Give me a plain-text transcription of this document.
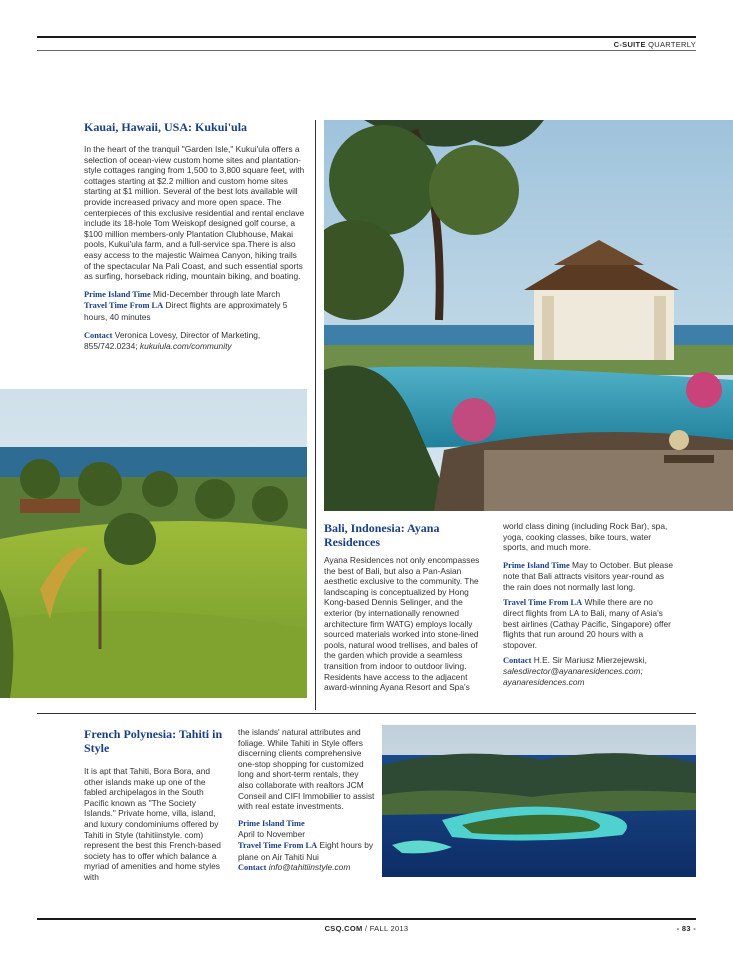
C-SUITE QUARTERLY
Kauai, Hawaii, USA: Kukui'ula

In the heart of the tranquil "Garden Isle," Kukui'ula offers a selection of ocean-view custom home sites and plantation-style cottages ranging from 1,500 to 3,800 square feet, with cottages starting at $2.2 million and custom home sites starting at $1 million. Several of the best lots available will provide increased privacy and more open space. The centerpieces of this exclusive residential and rental enclave include its 18-hole Tom Weiskopf designed golf course, a $100 million members-only Plantation Clubhouse, Makai pools, Kukui'ula farm, and a full-service spa.There is also easy access to the majestic Waimea Canyon, hiking trails of the spectacular Na Pali Coast, and such essential sports as surfing, horseback riding, mountain biking, and boating.

Prime Island Time Mid-December through late March
Travel Time From LA Direct flights are approximately 5 hours, 40 minutes
Contact Veronica Lovesy, Director of Marketing, 855/742.0234; kukuiula.com/community
Bali, Indonesia: Ayana Residences

Ayana Residences not only encompasses the best of Bali, but also a Pan-Asian aesthetic exclusive to the community. The landscaping is conceptualized by Hong Kong-based Dennis Selinger, and the exterior (by internationally renowned architecture firm WATG) employs locally sourced materials worked into stone-lined pools, natural wood trellises, and bales of the garden which provide a seamless transition from indoor to outdoor living. Residents have access to the adjacent award-winning Ayana Resort and Spa's

world class dining (including Rock Bar), spa, yoga, cooking classes, bike tours, water sports, and much more.

Prime Island Time May to October. But please note that Bali attracts visitors year-round as the rain does not normally last long.
Travel Time From LA While there are no direct flights from LA to Bali, many of Asia's best airlines (Cathay Pacific, Singapore) offer flights that run around 20 hours with a stopover.
Contact H.E. Sir Mariusz Mierzejewski, salesdirector@ayanaresidences.com; ayanaresidences.com
French Polynesia: Tahiti in Style

It is apt that Tahiti, Bora Bora, and other islands make up one of the fabled archipelagos in the South Pacific known as "The Society Islands." Private home, villa, island, and luxury condominiums offered by Tahiti in Style (tahitiinstyle. com) represent the best this French-based society has to offer which balance a myriad of amenities and home styles with

the islands' natural attributes and foliage. While Tahiti in Style offers discerning clients comprehensive one-stop shopping for customized long and short-term rentals, they also collaborate with realtors JCM Conseil and CIFI Immobilier to assist with real estate investments.

Prime Island Time
April to November
Travel Time From LA Eight hours by plane on Air Tahiti Nui
Contact info@tahitiinstyle.com
CSQ.COM / FALL 2013	- 83 -
